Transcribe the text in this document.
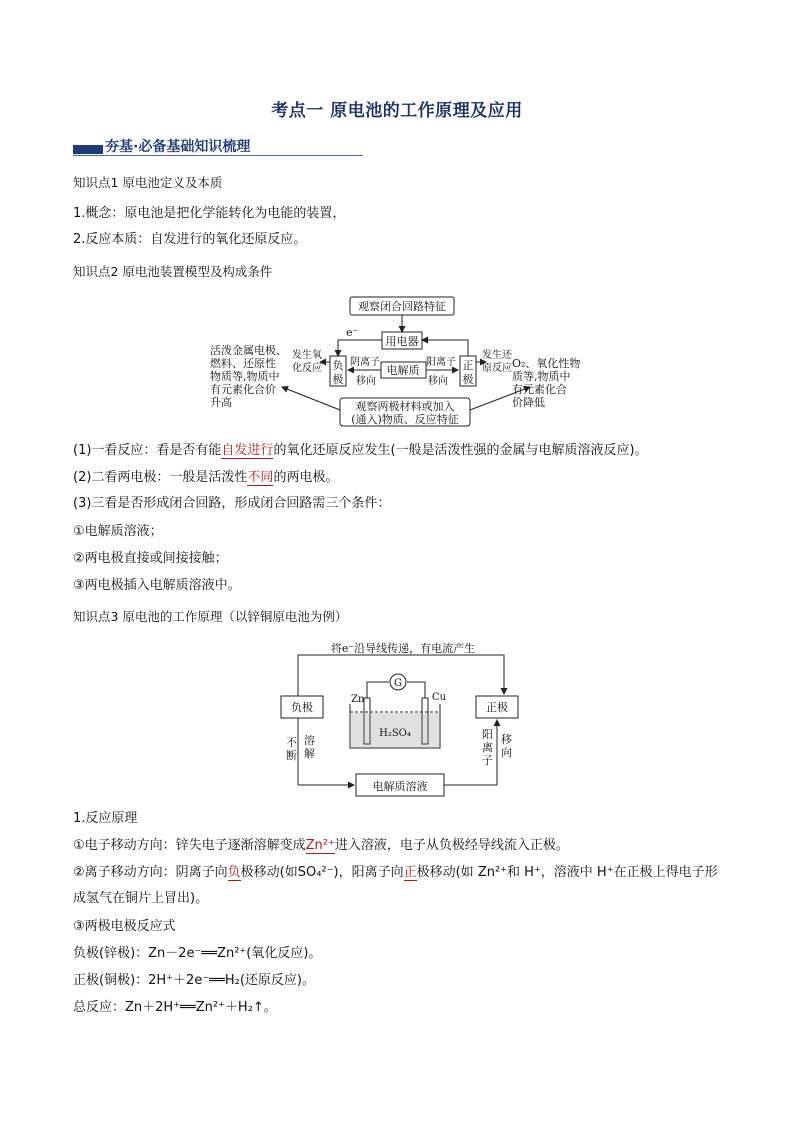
考点一 原电池的工作原理及应用
夯基·必备基础知识梳理
知识点1 原电池定义及本质
1.概念：原电池是把化学能转化为电能的装置，
2.反应本质：自发进行的氧化还原反应。
知识点2 原电池装置模型及构成条件
观察闭合回路特征
e⁻
用电器
负
极
正
极
电解质
阴离子
移向
阳离子
移向
发生氧
化反应
发生还
原反应
活泼金属电极、
燃料、还原性
物质等,物质中
有元素化合价
升高
O₂、氧化性物
质等,物质中
有元素化合
价降低
观察两极材料或加入
(通入)物质、反应特征
(1)一看反应：看是否有能自发进行的氧化还原反应发生(一般是活泼性强的金属与电解质溶液反应)。
(2)二看两电极：一般是活泼性不同的两电极。
(3)三看是否形成闭合回路，形成闭合回路需三个条件：
①电解质溶液；
②两电极直接或间接接触；
③两电极插入电解质溶液中。
知识点3 原电池的工作原理（以锌铜原电池为例）
将e⁻沿导线传递，有电流产生
负极	正极
G
Zn	Cu
H₂SO₄
电解质溶液
不
断
溶
解
阳
离
子
移
向
1.反应原理
①电子移动方向：锌失电子逐渐溶解变成Zn²⁺进入溶液，电子从负极经导线流入正极。
②离子移动方向：阴离子向负极移动(如SO₄²⁻)，阳离子向正极移动(如 Zn²⁺和 H⁺，溶液中 H⁺在正极上得电子形成氢气在铜片上冒出)。
③两极电极反应式
负极(锌极)：Zn－2e⁻══Zn²⁺(氧化反应)。
正极(铜极)：2H⁺＋2e⁻══H₂(还原反应)。
总反应：Zn＋2H⁺══Zn²⁺＋H₂↑。
